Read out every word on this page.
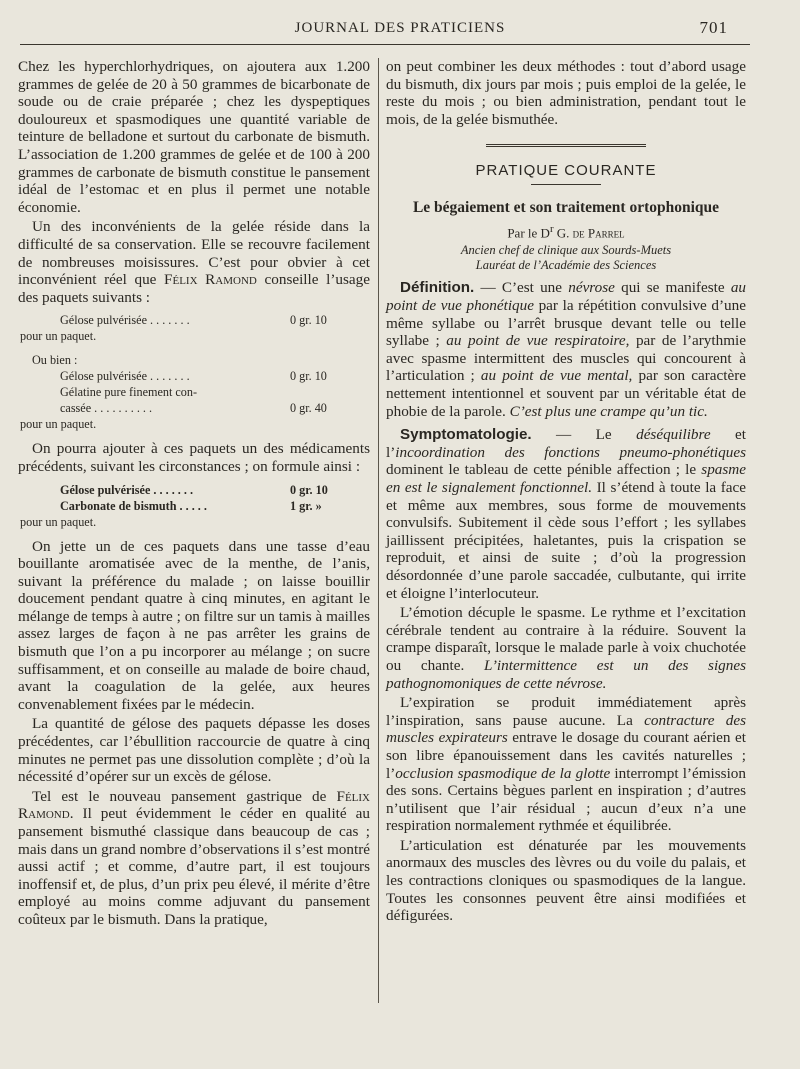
JOURNAL DES PRATICIENS	701

Chez les hyperchlorhydriques, on ajoutera aux 1.200 grammes de gelée de 20 à 50 grammes de bicarbonate de soude ou de craie préparée ; chez les dyspeptiques douloureux et spasmodiques une quantité variable de teinture de belladone et surtout du carbonate de bismuth. L’association de 1.200 grammes de gelée et de 100 à 200 grammes de carbonate de bismuth constitue le pansement idéal de l’estomac et en plus il permet une notable économie.

Un des inconvénients de la gelée réside dans la difficulté de sa conservation. Elle se recouvre facilement de nombreuses moisissures. C’est pour obvier à cet inconvénient réel que Félix Ramond conseille l’usage des paquets suivants :

Gélose pulvérisée . . . . . . .	0 gr. 10
pour un paquet.
Ou bien :
Gélose pulvérisée . . . . . . .	0 gr. 10
Gélatine pure finement con-
cassée . . . . . . . . . .	0 gr. 40
pour un paquet.

On pourra ajouter à ces paquets un des médicaments précédents, suivant les circonstances ; on formule ainsi :

Gélose pulvérisée . . . . . . .	0 gr. 10
Carbonate de bismuth . . . . .	1 gr. »
pour un paquet.

On jette un de ces paquets dans une tasse d’eau bouillante aromatisée avec de la menthe, de l’anis, suivant la préférence du malade ; on laisse bouillir doucement pendant quatre à cinq minutes, en agitant le mélange de temps à autre ; on filtre sur un tamis à mailles assez larges de façon à ne pas arrêter les grains de bismuth que l’on a pu incorporer au mélange ; on sucre suffisamment, et on conseille au malade de boire chaud, avant la coagulation de la gelée, aux heures convenablement fixées par le médecin.

La quantité de gélose des paquets dépasse les doses précédentes, car l’ébullition raccourcie de quatre à cinq minutes ne permet pas une dissolution complète ; d’où la nécessité d’opérer sur un excès de gélose.

Tel est le nouveau pansement gastrique de Félix Ramond. Il peut évidemment le céder en qualité au pansement bismuthé classique dans beaucoup de cas ; mais dans un grand nombre d’observations il s’est montré aussi actif ; et comme, d’autre part, il est toujours inoffensif et, de plus, d’un prix peu élevé, il mérite d’être employé au moins comme adjuvant du pansement coûteux par le bismuth. Dans la pratique,

on peut combiner les deux méthodes : tout d’abord usage du bismuth, dix jours par mois ; puis emploi de la gelée, le reste du mois ; ou bien administration, pendant tout le mois, de la gelée bismuthée.

PRATIQUE COURANTE
Le bégaiement et son traitement ortophonique
Par le $D^r$ G. de Parrel
Ancien chef de clinique aux Sourds-Muets
Lauréat de l’Académie des Sciences

Définition. — C’est une névrose qui se manifeste au point de vue phonétique par la répétition convulsive d’une même syllabe ou l’arrêt brusque devant telle ou telle syllabe ; au point de vue respiratoire, par de l’arythmie avec spasme intermittent des muscles qui concourent à l’articulation ; au point de vue mental, par son caractère nettement intentionnel et souvent par un véritable état de phobie de la parole. C’est plus une crampe qu’un tic.

Symptomatologie. — Le déséquilibre et l’incoordination des fonctions pneumo-phonétiques dominent le tableau de cette pénible affection ; le spasme en est le signalement fonctionnel. Il s’étend à toute la face et même aux membres, sous forme de mouvements convulsifs. Subitement il cède sous l’effort ; les syllabes jaillissent précipitées, haletantes, puis la crispation se reproduit, et ainsi de suite ; d’où la progression désordonnée d’une parole saccadée, culbutante, qui irrite et éloigne l’interlocuteur.

L’émotion décuple le spasme. Le rythme et l’excitation cérébrale tendent au contraire à la réduire. Souvent la crampe disparaît, lorsque le malade parle à voix chuchotée ou chante. L’intermittence est un des signes pathognomoniques de cette névrose.

L’expiration se produit immédiatement après l’inspiration, sans pause aucune. La contracture des muscles expirateurs entrave le dosage du courant aérien et son libre épanouissement dans les cavités naturelles ; l’occlusion spasmodique de la glotte interrompt l’émission des sons. Certains bègues parlent en inspiration ; d’autres n’utilisent que l’air résidual ; aucun d’eux n’a une respiration normalement rythmée et équilibrée.

L’articulation est dénaturée par les mouvements anormaux des muscles des lèvres ou du voile du palais, et les contractions cloniques ou spasmodiques de la langue. Toutes les consonnes peuvent être ainsi modifiées et défigurées.
